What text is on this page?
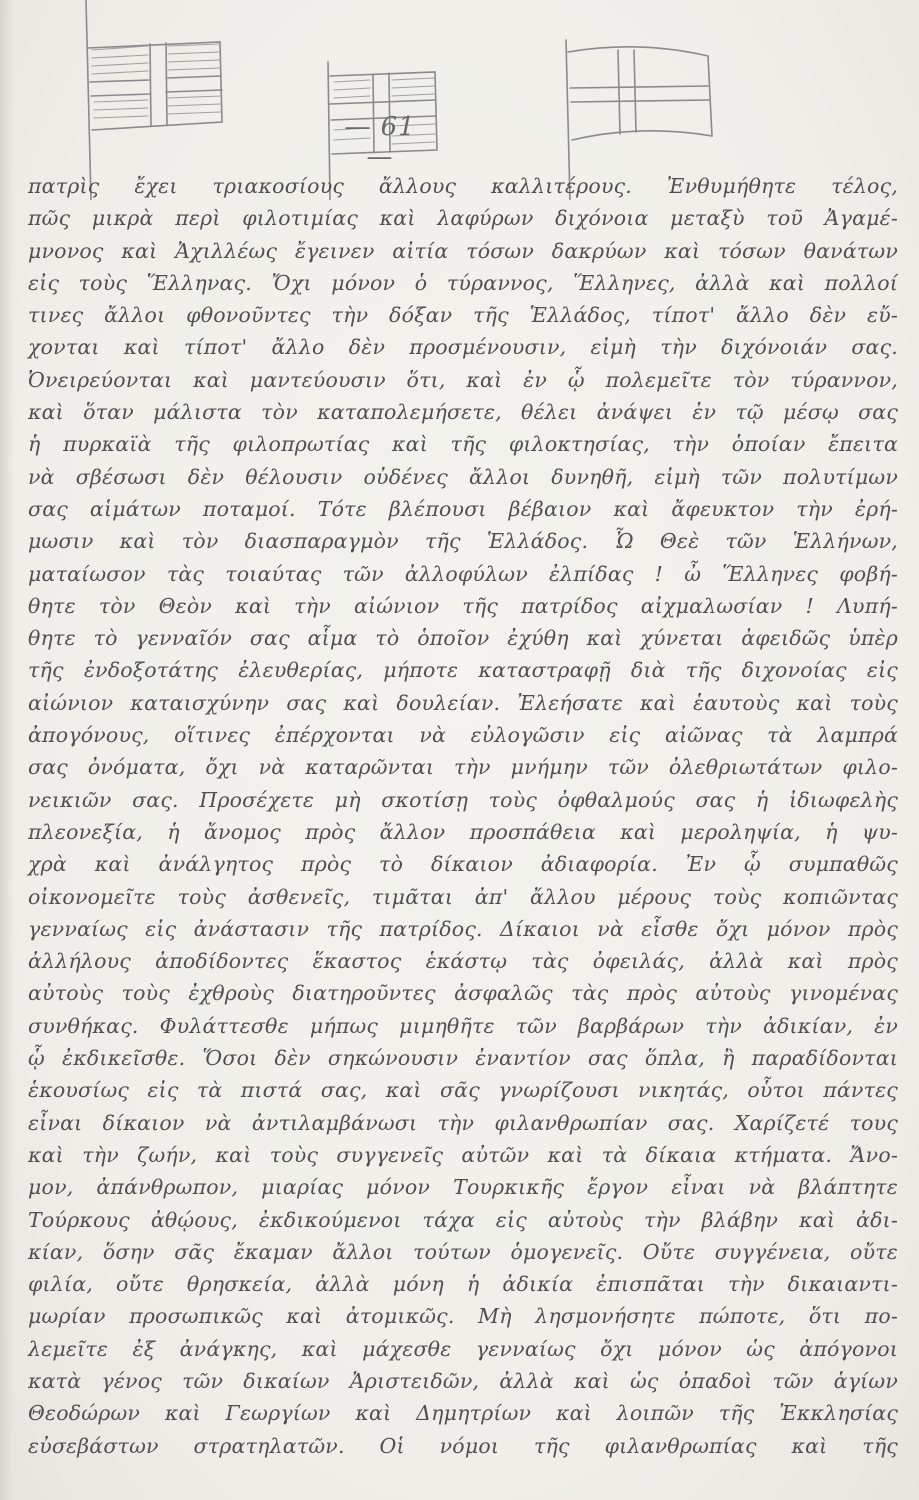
— 61 —
πατρὶς ἔχει τριακοσίους ἄλλους καλλιτέρους. Ἐνθυμήθητε τέλος,
πῶς μικρὰ περὶ φιλοτιμίας καὶ λαφύρων διχόνοια μεταξὺ τοῦ Ἀγαμέ-
μνονος καὶ Ἀχιλλέως ἔγεινεν αἰτία τόσων δακρύων καὶ τόσων θανάτων
εἰς τοὺς Ἕλληνας. Ὄχι μόνον ὁ τύραννος, Ἕλληνες, ἀλλὰ καὶ πολλοί
τινες ἄλλοι φθονοῦντες τὴν δόξαν τῆς Ἑλλάδος, τίποτ' ἄλλο δὲν εὔ-
χονται καὶ τίποτ' ἄλλο δὲν προσμένουσιν, εἰμὴ τὴν διχόνοιάν σας.
Ὀνειρεύονται καὶ μαντεύουσιν ὅτι, καὶ ἐν ᾧ πολεμεῖτε τὸν τύραννον,
καὶ ὅταν μάλιστα τὸν καταπολεμήσετε, θέλει ἀνάψει ἐν τῷ μέσῳ σας
ἡ πυρκαϊὰ τῆς φιλοπρωτίας καὶ τῆς φιλοκτησίας, τὴν ὁποίαν ἔπειτα
νὰ σβέσωσι δὲν θέλουσιν οὐδένες ἄλλοι δυνηθῆ, εἰμὴ τῶν πολυτίμων
σας αἱμάτων ποταμοί. Τότε βλέπουσι βέβαιον καὶ ἄφευκτον τὴν ἐρή-
μωσιν καὶ τὸν διασπαραγμὸν τῆς Ἑλλάδος. Ὦ Θεὲ τῶν Ἑλλήνων,
ματαίωσον τὰς τοιαύτας τῶν ἀλλοφύλων ἐλπίδας ! ὦ Ἕλληνες φοβή-
θητε τὸν Θεὸν καὶ τὴν αἰώνιον τῆς πατρίδος αἰχμαλωσίαν ! Λυπή-
θητε τὸ γενναῖόν σας αἷμα τὸ ὁποῖον ἐχύθη καὶ χύνεται ἀφειδῶς ὑπὲρ
τῆς ἐνδοξοτάτης ἐλευθερίας, μήποτε καταστραφῇ διὰ τῆς διχονοίας εἰς
αἰώνιον καταισχύνην σας καὶ δουλείαν. Ἐλεήσατε καὶ ἑαυτοὺς καὶ τοὺς
ἀπογόνους, οἵτινες ἐπέρχονται νὰ εὐλογῶσιν εἰς αἰῶνας τὰ λαμπρά
σας ὀνόματα, ὄχι νὰ καταρῶνται τὴν μνήμην τῶν ὀλεθριωτάτων φιλο-
νεικιῶν σας. Προσέχετε μὴ σκοτίσῃ τοὺς ὀφθαλμούς σας ἡ ἰδιωφελὴς
πλεονεξία, ἡ ἄνομος πρὸς ἄλλον προσπάθεια καὶ μεροληψία, ἡ ψυ-
χρὰ καὶ ἀνάλγητος πρὸς τὸ δίκαιον ἀδιαφορία. Ἐν ᾧ συμπαθῶς
οἰκονομεῖτε τοὺς ἀσθενεῖς, τιμᾶται ἀπ' ἄλλου μέρους τοὺς κοπιῶντας
γενναίως εἰς ἀνάστασιν τῆς πατρίδος. Δίκαιοι νὰ εἶσθε ὄχι μόνον πρὸς
ἀλλήλους ἀποδίδοντες ἕκαστος ἑκάστῳ τὰς ὀφειλάς, ἀλλὰ καὶ πρὸς
αὐτοὺς τοὺς ἐχθροὺς διατηροῦντες ἀσφαλῶς τὰς πρὸς αὐτοὺς γινομένας
συνθήκας. Φυλάττεσθε μήπως μιμηθῆτε τῶν βαρβάρων τὴν ἀδικίαν, ἐν
ᾧ ἐκδικεῖσθε. Ὅσοι δὲν σηκώνουσιν ἐναντίον σας ὅπλα, ἢ παραδίδονται
ἑκουσίως εἰς τὰ πιστά σας, καὶ σᾶς γνωρίζουσι νικητάς, οὗτοι πάντες
εἶναι δίκαιον νὰ ἀντιλαμβάνωσι τὴν φιλανθρωπίαν σας. Χαρίζετέ τους
καὶ τὴν ζωήν, καὶ τοὺς συγγενεῖς αὐτῶν καὶ τὰ δίκαια κτήματα. Ἄνο-
μον, ἀπάνθρωπον, μιαρίας μόνον Τουρκικῆς ἔργον εἶναι νὰ βλάπτητε
Τούρκους ἀθῴους, ἐκδικούμενοι τάχα εἰς αὐτοὺς τὴν βλάβην καὶ ἀδι-
κίαν, ὅσην σᾶς ἔκαμαν ἄλλοι τούτων ὁμογενεῖς. Οὔτε συγγένεια, οὔτε
φιλία, οὔτε θρησκεία, ἀλλὰ μόνη ἡ ἀδικία ἐπισπᾶται τὴν δικαιαντι-
μωρίαν προσωπικῶς καὶ ἀτομικῶς. Μὴ λησμονήσητε πώποτε, ὅτι πο-
λεμεῖτε ἐξ ἀνάγκης, καὶ μάχεσθε γενναίως ὄχι μόνον ὡς ἀπόγονοι
κατὰ γένος τῶν δικαίων Ἀριστειδῶν, ἀλλὰ καὶ ὡς ὀπαδοὶ τῶν ἁγίων
Θεοδώρων καὶ Γεωργίων καὶ Δημητρίων καὶ λοιπῶν τῆς Ἐκκλησίας
εὐσεβάστων στρατηλατῶν. Οἱ νόμοι τῆς φιλανθρωπίας καὶ τῆς
